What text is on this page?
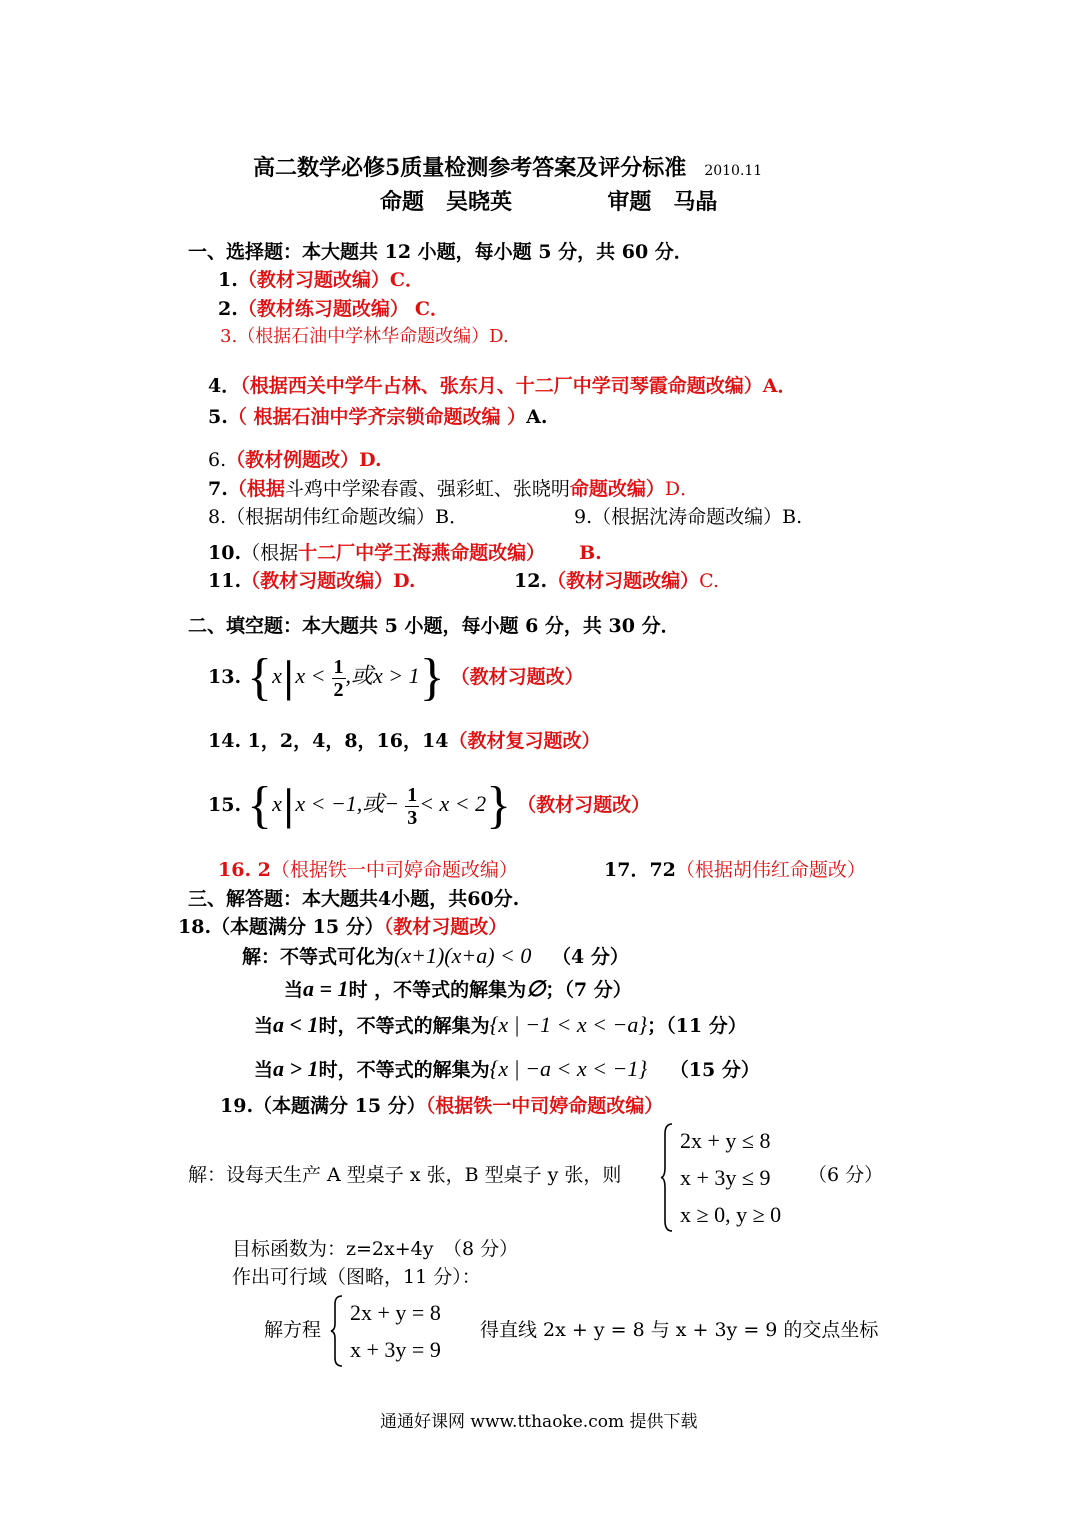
高二数学必修5质量检测参考答案及评分标准 2010.11
命题　 吴晓英	审题　 马晶
一、选择题：本大题共 12 小题，每小题 5 分，共 60 分．
1.（教材习题改编）C．
2.（教材练习题改编） C．
3.（根据石油中学林华命题改编）D.
4．（根据西关中学牛占林、张东月、十二厂中学司琴霞命题改编）A．
5.（ 根据石油中学齐宗锁命题改编 ）A.
6.（教材例题改）D.
7.（根据斗鸡中学梁春霞、强彩虹、张晓明命题改编）D．
8.（根据胡伟红命题改编）B．	9.（根据沈涛命题改编）B.
10.（根据十二厂中学王海燕命题改编） B.
11.（教材习题改编）D.	12.（教材习题改编）C.
二、填空题：本大题共 5 小题，每小题 6 分，共 30 分．
13. {$x|x < \frac{1}{2}$ ,或x > 1} （教材习题改）
14. 1，2，4，8，16，14（教材复习题改）
15. {x|x < −1,或− $\frac{1}{3} < x < 2$} （教材习题改）
16. 2（根据铁一中司婷命题改编）	17．72（根据胡伟红命题改）
三、解答题：本大题共4小题，共60分.
18.（本题满分 15 分）（教材习题改）
解：不等式可化为(x+1)(x+a) < 0 （4 分）
当a = 1时 ，不等式的解集为∅；（7 分）
当a < 1时，不等式的解集为{x | −1 < x < −a}；（11 分）
当a > 1时，不等式的解集为{x | −a < x < −1} （15 分）
19.（本题满分 15 分）（根据铁一中司婷命题改编）
解：设每天生产 A 型桌子 x 张，B 型桌子 y 张，则
2x + y ≤ 8
x + 3y ≤ 9
x ≥ 0, y ≥ 0
（6 分）
目标函数为：z=2x+4y　（8 分）
作出可行域（图略，11 分）：
解方程
2x + y = 8
x + 3y = 9
得直线 2x + y = 8 与 x + 3y = 9 的交点坐标
通通好课网 www.tthaoke.com 提供下载
